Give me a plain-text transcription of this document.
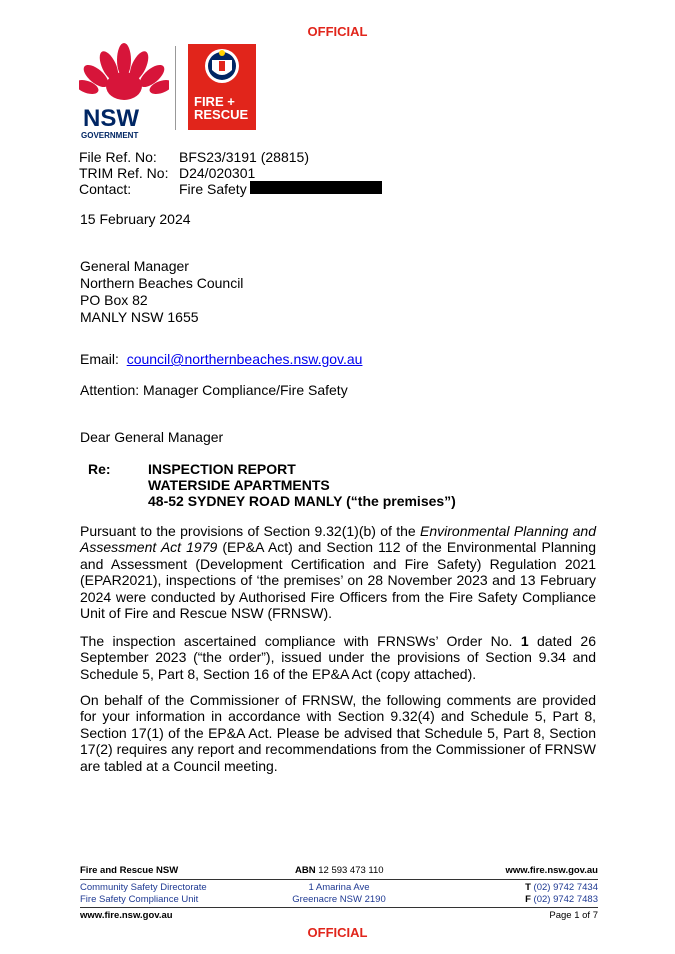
OFFICIAL
NSW
GOVERNMENT
FIRE +
RESCUE
File Ref. No:	BFS23/3191 (28815)
TRIM Ref. No: D24/020301
Contact:	Fire Safety
15 February 2024
General Manager
Northern Beaches Council
PO Box 82
MANLY NSW 1655
Email: council@northernbeaches.nsw.gov.au
Attention: Manager Compliance/Fire Safety
Dear General Manager
Re:	INSPECTION REPORT
WATERSIDE APARTMENTS
48-52 SYDNEY ROAD MANLY (“the premises”)
Pursuant to the provisions of Section 9.32(1)(b) of the Environmental Planning and Assessment Act 1979 (EP&A Act) and Section 112 of the Environmental Planning and Assessment (Development Certification and Fire Safety) Regulation 2021 (EPAR2021), inspections of ‘the premises’ on 28 November 2023 and 13 February 2024 were conducted by Authorised Fire Officers from the Fire Safety Compliance Unit of Fire and Rescue NSW (FRNSW).
The inspection ascertained compliance with FRNSWs’ Order No. 1 dated 26 September 2023 (“the order”), issued under the provisions of Section 9.34 and Schedule 5, Part 8, Section 16 of the EP&A Act (copy attached).
On behalf of the Commissioner of FRNSW, the following comments are provided for your information in accordance with Section 9.32(4) and Schedule 5, Part 8, Section 17(1) of the EP&A Act. Please be advised that Schedule 5, Part 8, Section 17(2) requires any report and recommendations from the Commissioner of FRNSW are tabled at a Council meeting.
Fire and Rescue NSW	ABN 12 593 473 110	www.fire.nsw.gov.au
Community Safety Directorate
Fire Safety Compliance Unit
1 Amarina Ave
Greenacre NSW 2190
T (02) 9742 7434
F (02) 9742 7483
www.fire.nsw.gov.au	Page 1 of 7
OFFICIAL
